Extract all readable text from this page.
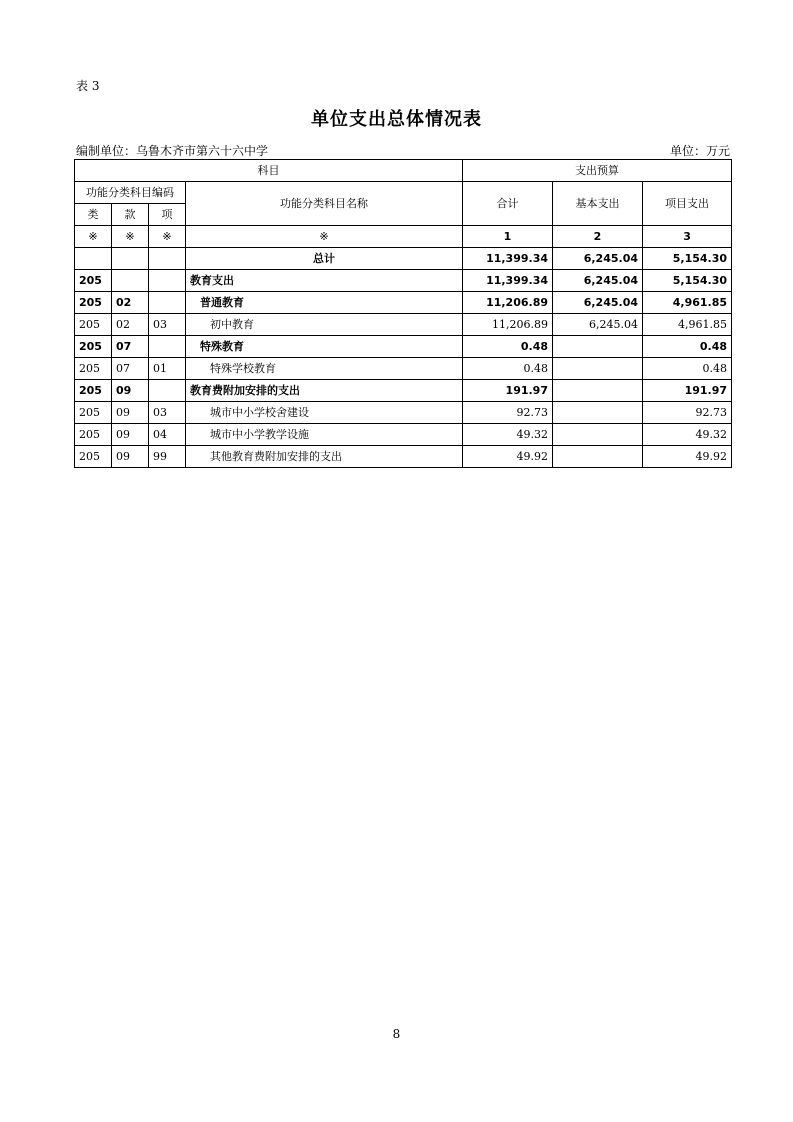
表 3
单位支出总体情况表
编制单位：乌鲁木齐市第六十六中学	单位：万元
科目				支出预算		
功能分类科目编码			功能分类科目名称	合计	基本支出	项目支出
类	款	项				
※	※	※	※	1	2	3
			总计	11,399.34	6,245.04	5,154.30
205			教育支出	11,399.34	6,245.04	5,154.30
205	02		普通教育	11,206.89	6,245.04	4,961.85
205	02	03	初中教育	11,206.89	6,245.04	4,961.85
205	07		特殊教育	0.48		0.48
205	07	01	特殊学校教育	0.48		0.48
205	09		教育费附加安排的支出	191.97		191.97
205	09	03	城市中小学校舍建设	92.73		92.73
205	09	04	城市中小学教学设施	49.32		49.32
205	09	99	其他教育费附加安排的支出	49.92		49.92
8
